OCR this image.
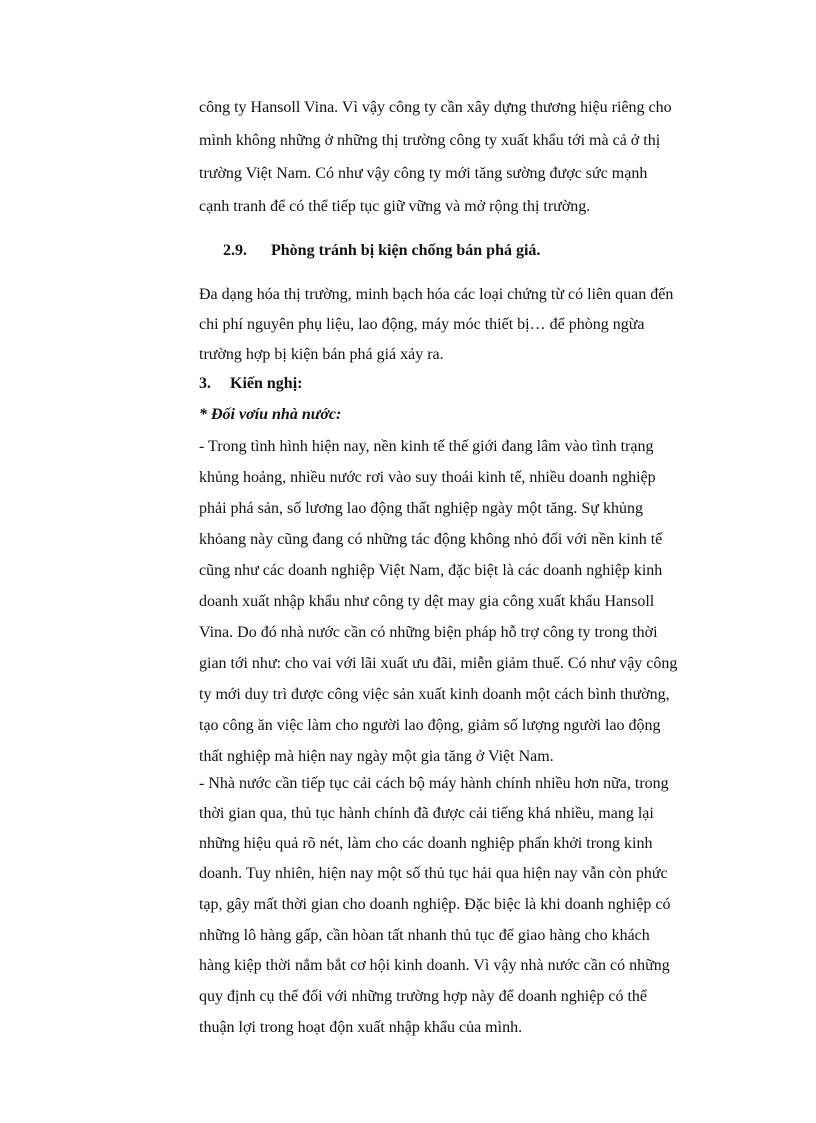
công ty Hansoll Vina. Vì vậy công ty cần xây dựng thương hiệu riêng cho
mình không những ở những thị trường công ty xuất khẩu tới mà cả ở thị
trường Việt Nam. Có như vậy công ty mới tăng sường được sức mạnh
cạnh tranh để có thể tiếp tục giữ vững và mở rộng thị trường.
2.9. Phòng tránh bị kiện chống bán phá giá.
Đa dạng hóa thị trường, minh bạch hóa các loại chứng từ có liên quan đến
chi phí nguyên phụ liệu, lao động, máy móc thiết bị… để phòng ngừa
trường hợp bị kiện bán phá giá xảy ra.
3. Kiến nghị:
* Đối vơíu nhà nước:
- Trong tình hình hiện nay, nền kinh tế thế giới đang lâm vào tình trạng
khủng hoảng, nhiều nước rơi vào suy thoái kinh tế, nhiều doanh nghiệp
phải phá sản, số lương lao động thất nghiệp ngày một tăng. Sự khủng
khỏang này cũng đang có những tác động không nhỏ đối với nền kinh tế
cũng như các doanh nghiệp Việt Nam, đặc biệt là các doanh nghiệp kinh
doanh xuất nhập khẩu như công ty dệt may gia công xuất khẩu Hansoll
Vina. Do đó nhà nước cần có những biện pháp hỗ trợ công ty trong thời
gian tới như: cho vai với lãi xuất ưu đãi, miễn giảm thuế. Có như vậy công
ty mới duy trì được công việc sản xuất kinh doanh một cách bình thường,
tạo công ăn việc làm cho người lao động, giảm số lượng người lao động
thất nghiệp mà hiện nay ngày một gia tăng ở Việt Nam.
- Nhà nước cần tiếp tục cải cách bộ máy hành chính nhiều hơn nữa, trong
thời gian qua, thủ tục hành chính đã được cải tiếng khá nhiều, mang lại
những hiệu quả rõ nét, làm cho các doanh nghiệp phấn khởi trong kinh
doanh. Tuy nhiên, hiện nay một số thủ tục hải qua hiện nay vẫn còn phức
tạp, gây mất thời gian cho doanh nghiệp. Đặc biệc là khi doanh nghiệp có
những lô hàng gấp, cần hòan tất nhanh thủ tục để giao hàng cho khách
hàng kiệp thời nắm bắt cơ hội kinh doanh. Vì vậy nhà nước cần có những
quy định cụ thể đối với những trường hợp này để doanh nghiệp có thể
thuận lợi trong hoạt độn xuất nhập khẩu của mình.
